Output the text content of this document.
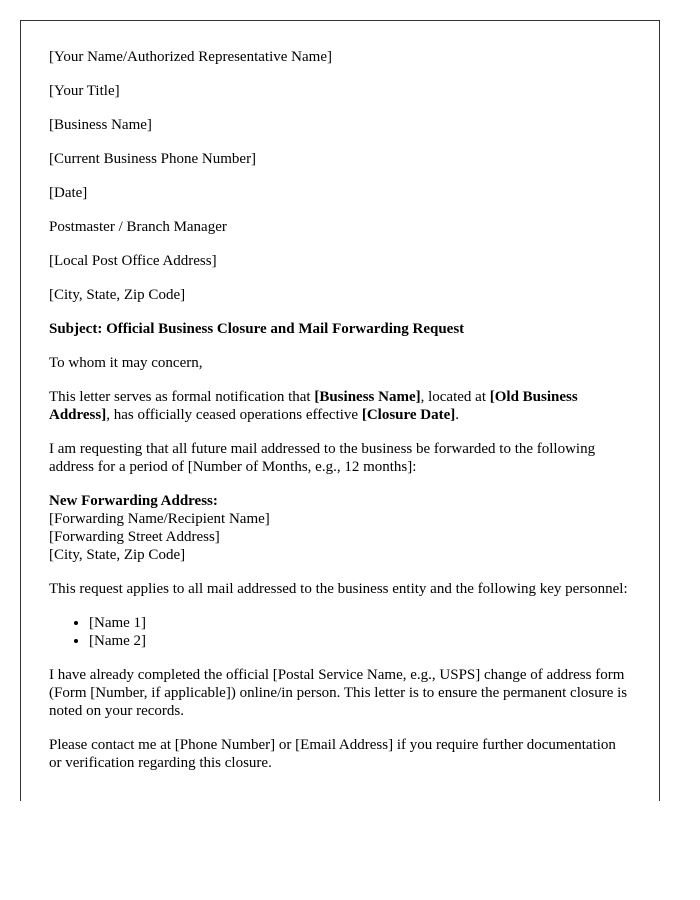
[Your Name/Authorized Representative Name]

[Your Title]

[Business Name]

[Current Business Phone Number]

[Date]

Postmaster / Branch Manager

[Local Post Office Address]

[City, State, Zip Code]

Subject: Official Business Closure and Mail Forwarding Request

To whom it may concern,

This letter serves as formal notification that [Business Name], located at [Old Business Address], has officially ceased operations effective [Closure Date].

I am requesting that all future mail addressed to the business be forwarded to the following address for a period of [Number of Months, e.g., 12 months]:

New Forwarding Address:
[Forwarding Name/Recipient Name]
[Forwarding Street Address]
[City, State, Zip Code]

This request applies to all mail addressed to the business entity and the following key personnel:

• [Name 1]
• [Name 2]

I have already completed the official [Postal Service Name, e.g., USPS] change of address form (Form [Number, if applicable]) online/in person. This letter is to ensure the permanent closure is noted on your records.

Please contact me at [Phone Number] or [Email Address] if you require further documentation or verification regarding this closure.
